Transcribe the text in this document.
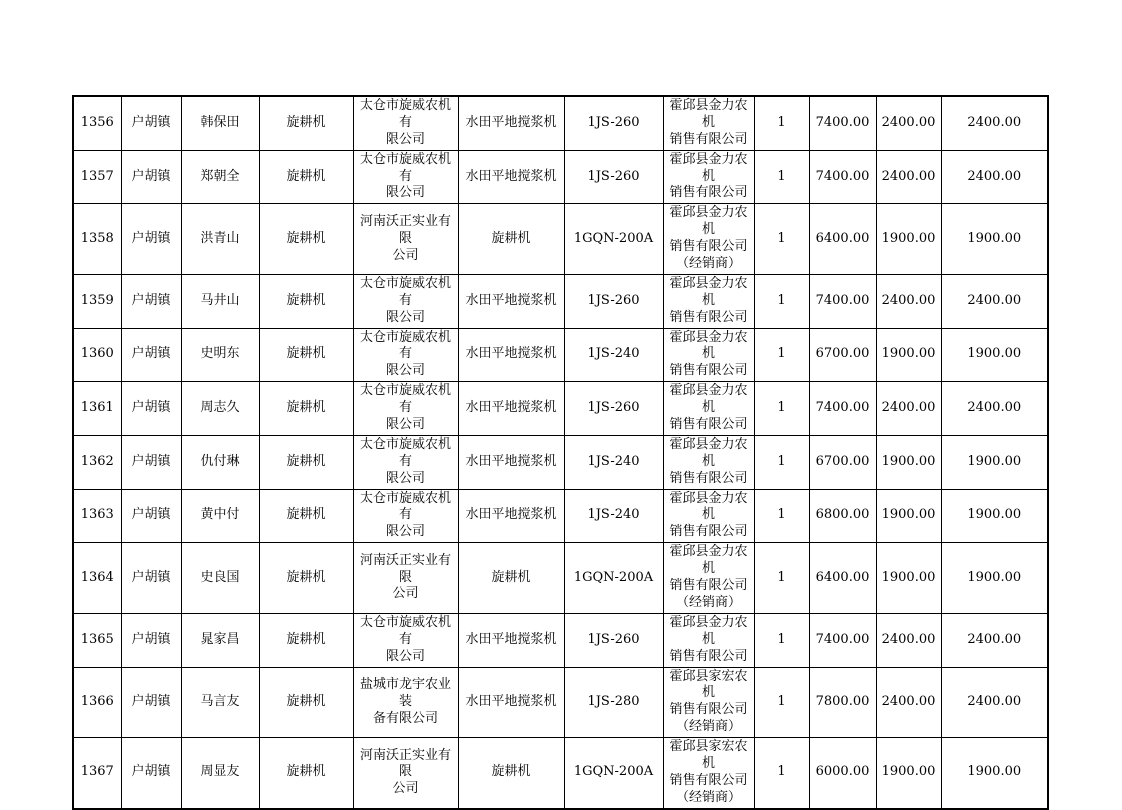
1356	户胡镇	韩保田	旋耕机	太仓市旋威农机有
限公司	水田平地搅浆机	1JS-260	霍邱县金力农机
销售有限公司	1	7400.00	2400.00	2400.00
1357	户胡镇	郑朝全	旋耕机	太仓市旋威农机有
限公司	水田平地搅浆机	1JS-260	霍邱县金力农机
销售有限公司	1	7400.00	2400.00	2400.00
1358	户胡镇	洪青山	旋耕机	河南沃正实业有限
公司	旋耕机	1GQN-200A	霍邱县金力农机
销售有限公司
（经销商）	1	6400.00	1900.00	1900.00
1359	户胡镇	马井山	旋耕机	太仓市旋威农机有
限公司	水田平地搅浆机	1JS-260	霍邱县金力农机
销售有限公司	1	7400.00	2400.00	2400.00
1360	户胡镇	史明东	旋耕机	太仓市旋威农机有
限公司	水田平地搅浆机	1JS-240	霍邱县金力农机
销售有限公司	1	6700.00	1900.00	1900.00
1361	户胡镇	周志久	旋耕机	太仓市旋威农机有
限公司	水田平地搅浆机	1JS-260	霍邱县金力农机
销售有限公司	1	7400.00	2400.00	2400.00
1362	户胡镇	仇付琳	旋耕机	太仓市旋威农机有
限公司	水田平地搅浆机	1JS-240	霍邱县金力农机
销售有限公司	1	6700.00	1900.00	1900.00
1363	户胡镇	黄中付	旋耕机	太仓市旋威农机有
限公司	水田平地搅浆机	1JS-240	霍邱县金力农机
销售有限公司	1	6800.00	1900.00	1900.00
1364	户胡镇	史良国	旋耕机	河南沃正实业有限
公司	旋耕机	1GQN-200A	霍邱县金力农机
销售有限公司
（经销商）	1	6400.00	1900.00	1900.00
1365	户胡镇	晁家昌	旋耕机	太仓市旋威农机有
限公司	水田平地搅浆机	1JS-260	霍邱县金力农机
销售有限公司	1	7400.00	2400.00	2400.00
1366	户胡镇	马言友	旋耕机	盐城市龙宇农业装
备有限公司	水田平地搅浆机	1JS-280	霍邱县家宏农机
销售有限公司
（经销商）	1	7800.00	2400.00	2400.00
1367	户胡镇	周显友	旋耕机	河南沃正实业有限
公司	旋耕机	1GQN-200A	霍邱县家宏农机
销售有限公司
（经销商）	1	6000.00	1900.00	1900.00
